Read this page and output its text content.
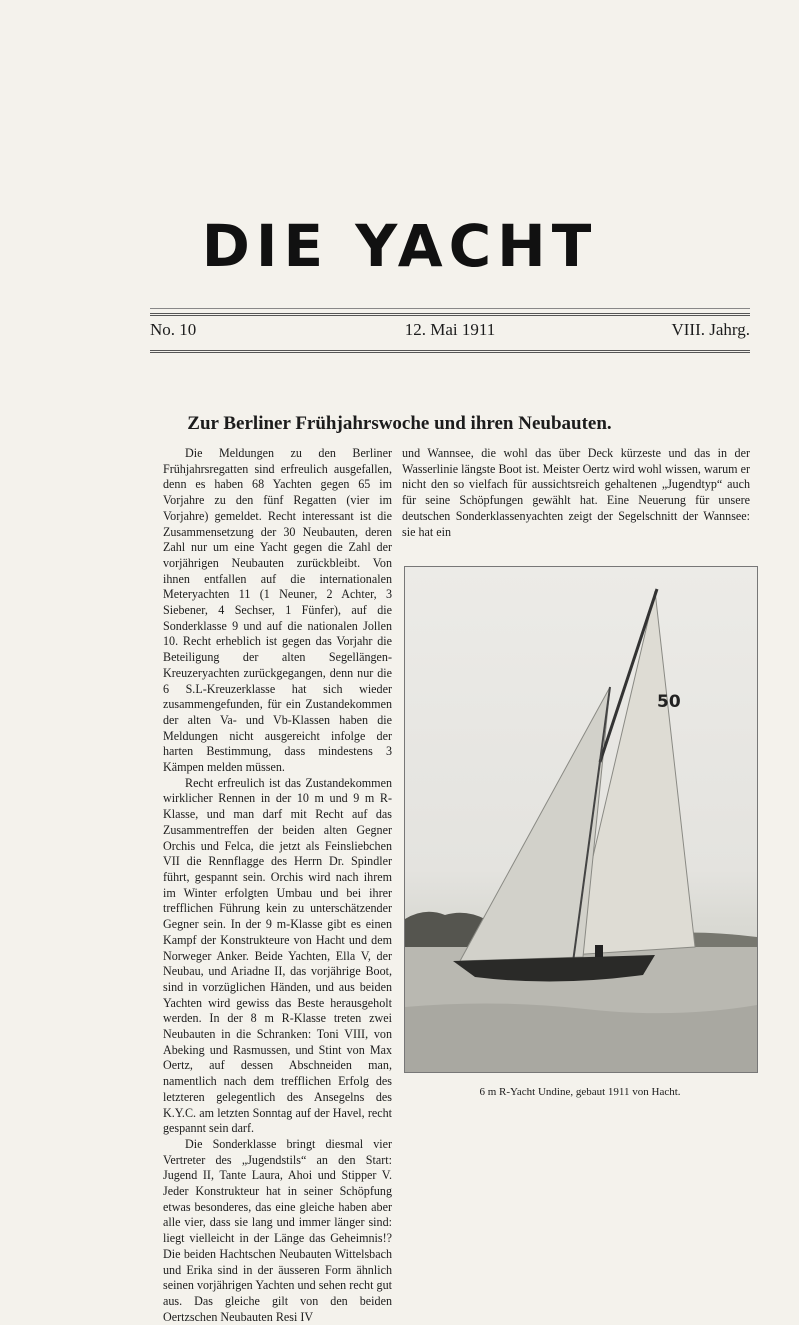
DIE YACHT
No. 10	12. Mai 1911	VIII. Jahrg.
Zur Berliner Frühjahrswoche und ihren Neubauten.

Die Meldungen zu den Berliner Frühjahrsregatten sind erfreulich ausgefallen, denn es haben 68 Yachten gegen 65 im Vorjahre zu den fünf Regatten (vier im Vorjahre) gemeldet. Recht interessant ist die Zusammensetzung der 30 Neubauten, deren Zahl nur um eine Yacht gegen die Zahl der vorjährigen Neubauten zurückbleibt. Von ihnen entfallen auf die internationalen Meteryachten 11 (1 Neuner, 2 Achter, 3 Siebener, 4 Sechser, 1 Fünfer), auf die Sonderklasse 9 und auf die nationalen Jollen 10. Recht erheblich ist gegen das Vorjahr die Beteiligung der alten Segellängen-Kreuzeryachten zurückgegangen, denn nur die 6 S.L-Kreuzerklasse hat sich wieder zusammengefunden, für ein Zustandekommen der alten Va- und Vb-Klassen haben die Meldungen nicht ausgereicht infolge der harten Bestimmung, dass mindestens 3 Kämpen melden müssen.

Recht erfreulich ist das Zustandekommen wirklicher Rennen in der 10 m und 9 m R-Klasse, und man darf mit Recht auf das Zusammentreffen der beiden alten Gegner Orchis und Felca, die jetzt als Feinsliebchen VII die Rennflagge des Herrn Dr. Spindler führt, gespannt sein. Orchis wird nach ihrem im Winter erfolgten Umbau und bei ihrer trefflichen Führung kein zu unterschätzender Gegner sein. In der 9 m-Klasse gibt es einen Kampf der Konstrukteure von Hacht und dem Norweger Anker. Beide Yachten, Ella V, der Neubau, und Ariadne II, das vorjährige Boot, sind in vorzüglichen Händen, und aus beiden Yachten wird gewiss das Beste herausgeholt werden. In der 8 m R-Klasse treten zwei Neubauten in die Schranken: Toni VIII, von Abeking und Rasmussen, und Stint von Max Oertz, auf dessen Abschneiden man, namentlich nach dem trefflichen Erfolg des letzteren gelegentlich des Ansegelns des K.Y.C. am letzten Sonntag auf der Havel, recht gespannt sein darf.

Die Sonderklasse bringt diesmal vier Vertreter des „Jugendstils“ an den Start: Jugend II, Tante Laura, Ahoi und Stipper V. Jeder Konstrukteur hat in seiner Schöpfung etwas besonderes, das eine gleiche haben aber alle vier, dass sie lang und immer länger sind: liegt vielleicht in der Länge das Geheimnis!? Die beiden Hachtschen Neubauten Wittelsbach und Erika sind in der äusseren Form ähnlich seinen vorjährigen Yachten und sehen recht gut aus. Das gleiche gilt von den beiden Oertzschen Neubauten Resi IV

und Wannsee, die wohl das über Deck kürzeste und das in der Wasserlinie längste Boot ist. Meister Oertz wird wohl wissen, warum er nicht den so vielfach für aussichtsreich gehaltenen „Jugendtyp“ auch für seine Schöpfungen gewählt hat. Eine Neuerung für unsere deutschen Sonderklassenyachten zeigt der Segelschnitt der Wannsee: sie hat ein

50
6 m R-Yacht Undine, gebaut 1911 von Hacht.
